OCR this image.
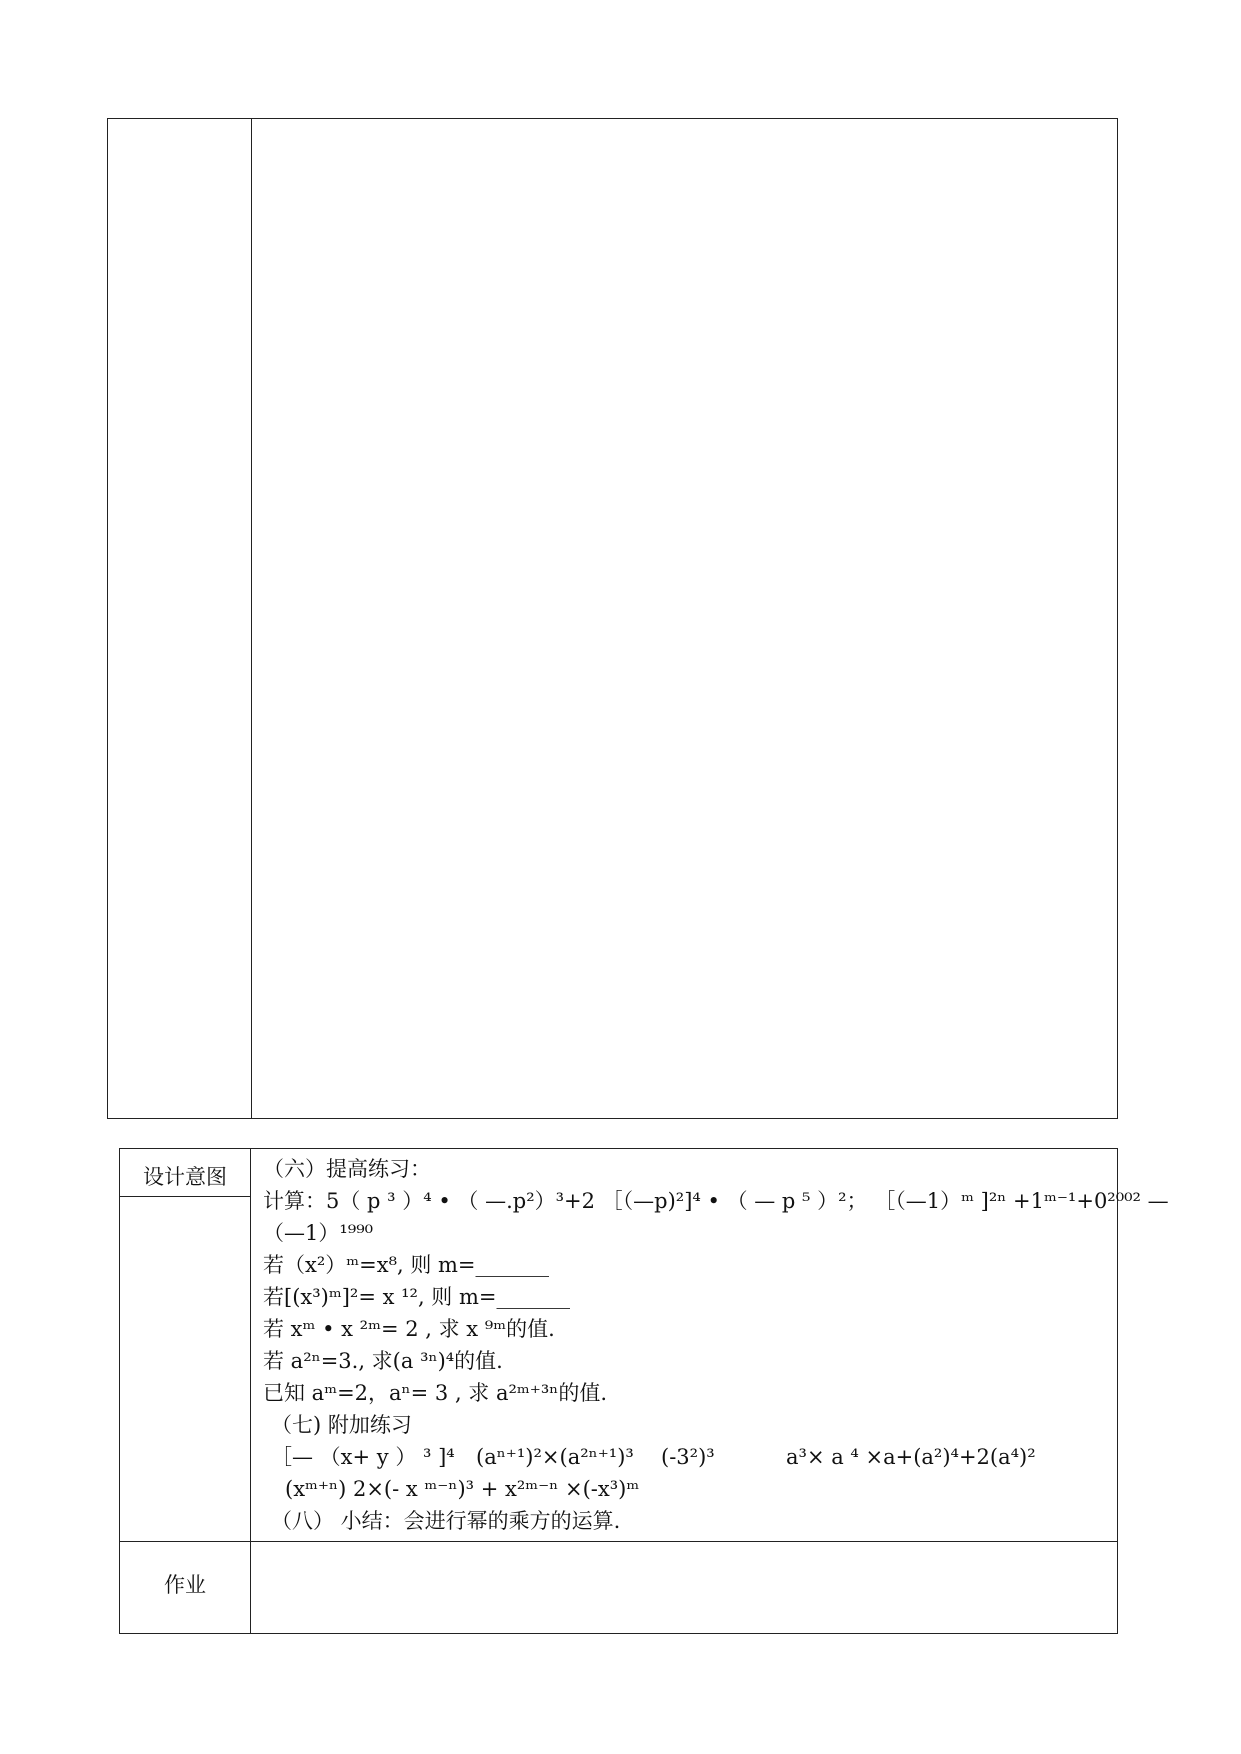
设计意图
作业
（六）提高练习：
计算：5（ p ³ ）⁴ • （ —.p²）³+2 ［（—p)²]⁴ • （ — p ⁵ ）²； ［（—1）ᵐ ]²ⁿ +1ᵐ⁻¹+0²⁰⁰² —
（—1）¹⁹⁹⁰
若（x²）ᵐ=x⁸, 则 m=_______
若[(x³)ᵐ]²= x ¹², 则 m=_______
若 xᵐ • x ²ᵐ= 2 , 求 x ⁹ᵐ的值.
若 a²ⁿ=3., 求(a ³ⁿ)⁴的值.
已知 aᵐ=2，aⁿ= 3 , 求 a²ᵐ⁺³ⁿ的值.
（七) 附加练习
［— （x+ y ） ³ ]⁴ (aⁿ⁺¹)²×(a²ⁿ⁺¹)³ (-3²)³	a³× a ⁴ ×a+(a²)⁴+2(a⁴)²
(xᵐ⁺ⁿ) 2×(- x ᵐ⁻ⁿ)³ + x²ᵐ⁻ⁿ ×(-x³)ᵐ
（八） 小结：会进行幂的乘方的运算.
